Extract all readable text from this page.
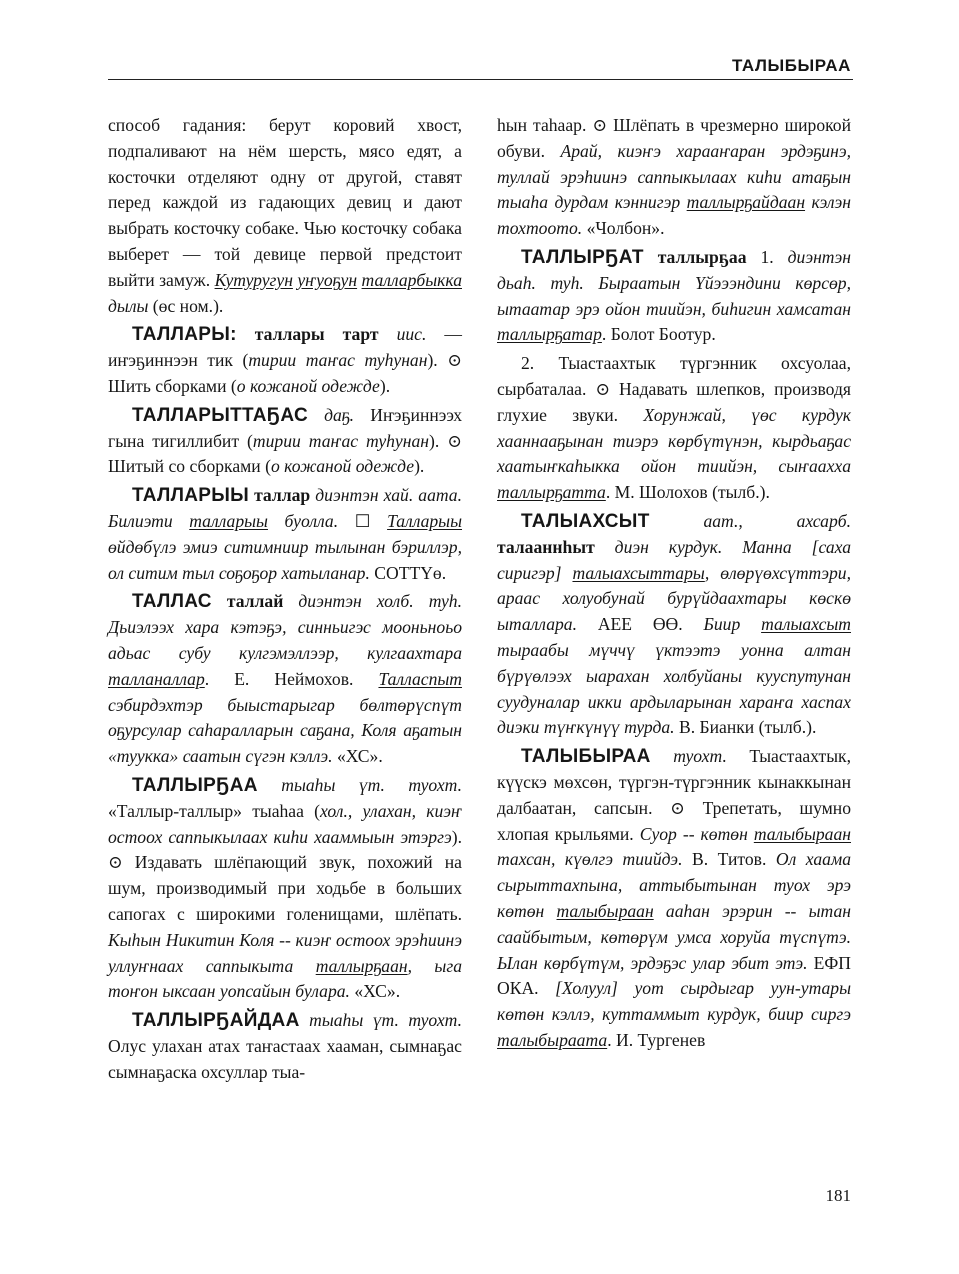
ТАЛЫБЫРАА

способ гадания: берут коровий хвост, подпаливают на нём шерсть, мясо едят, а косточки отделяют одну от другой, ставят перед каждой из гадающих девиц и дают выбрать косточку собаке. Чью косточку собака выберет — той девице первой предстоит выйти замуж. Кутуругун уҥуоҕун талларбыкка дылы (өс ном.).

ТАЛЛАРЫ: таллары тарт иис. — иҥэҕиннээн тик (тирии таҥас туһунан). ⊙ Шить сборками (о кожаной одежде).

ТАЛЛАРЫТТАҔАС даҕ. Иҥэҕиннээх гына тигиллибит (тирии таҥас туһунан). ⊙ Шитый со сборками (о кожаной одежде).

ТАЛЛАРЫЫ таллар диэнтэн хай. аата. Билиэти талларыы буолла. ☐ Талларыы өйдөбүлэ эмиэ ситимниир тылынан бэриллэр, ол ситим тыл соҕоҕор хатыланар. СОТТҮө.

ТАЛЛАС таллай диэнтэн холб. туһ. Дьиэлээх хара кэтэҕэ, синньигэс мооньноьо адьас субу кулгэмэллээр, кулгаахтара талланаллар. Е. Неймохов. Талласпыт сэбирдэхтэр быыстарыгар бөлтөрүспүт оҕурсулар саһаралларын саҕана, Коля аҕатын «туукка» саатын сүгэн кэллэ. «ХС».

ТАЛЛЫРҔАА тыаһы үт. туохт. «Таллыр-таллыр» тыаһаа (хол., улахан, киэҥ остоох саппыкылаах киһи хааммыын этэргэ). ⊙ Издавать шлёпающий звук, похожий на шум, производимый при ходьбе в больших сапогах с широкими голенищами, шлёпать. Кыһын Никитин Коля -- киэҥ остоох эрэһиинэ уллуҥнаах саппыкыта таллырҕаан, ыга тоҥон ыксаан уопсайын булара. «ХС».

ТАЛЛЫРҔАЙДАА тыаһы үт. туохт. Олус улахан атах таҥастаах хааман, сымнаҕас сымнаҕаска охсуллар тыа-

һын таһаар. ⊙ Шлёпать в чрезмерно широкой обуви. Арай, киэҥэ харааҥаран эрдэҕинэ, туллай эрэһиинэ саппыкылаах киһи атаҕын тыаһа дурдам кэннигэр таллырҕайдаан кэлэн тохтоото. «Чолбон».

ТАЛЛЫРҔАТ таллырҕаа 1. диэнтэн дьаһ. туһ. Быраатын Үйэээндини көрсөр, ытаатар эрэ ойон тиийэн, биһигин хамсатан таллырҕатар. Болот Боотур.

2. Тыастаахтык түргэнник охсуолаа, сырбаталаа. ⊙ Надавать шлепков, производя глухие звуки. Хорунжай, үөс курдук хааннааҕынан тиэрэ көрбүтүнэн, кырдьаҕас хаатыҥкаһыкка ойон тиийэн, сыҥааххa таллырҕатта. М. Шолохов (тылб.).

ТАЛЫАХСЫТ	аат., ахсарб. талааннһыт диэн курдук. Манна [саха сиригэр] талыахсыттары, өлөрүөхсүттэри, араас холуобунай бурүйдаахтары көскө ыталлара. АЕЕ ӨӨ. Биир талыахсыт тыраабы мүччү үктээтэ уонна алтан бүрүөлээх ыарахан холбуйаны кууспутунан суудуналар икки ардыларынан хараҥа хаспах диэки түҥкүнүү турда. В. Бианки (тылб.).

ТАЛЫБЫРАА туохт. Тыастаахтык, күүскэ мөхсөн, түргэн-түргэнник кынаккынан далбаатан, сапсын. ⊙ Трепетать, шумно хлопая крыльями. Суор -- көтөн талыбыраан тахсан, күөлгэ тиийдэ. В. Титов. Ол хаама сырыттахпына, аттыбытынан туох эрэ көтөн талыбыраан ааһан эрэрин -- ытан саайбытым, көтөрүм умса хоруйа түспүтэ. Ылан көрбүтүм, эрдэҕэс улар эбит этэ. ЕФП ОКА. [Холуул] уот сырдыгар уун-утары көтөн кэллэ, куттаммыт курдук, биир сиргэ талыбыраата. И. Тургенев

181
